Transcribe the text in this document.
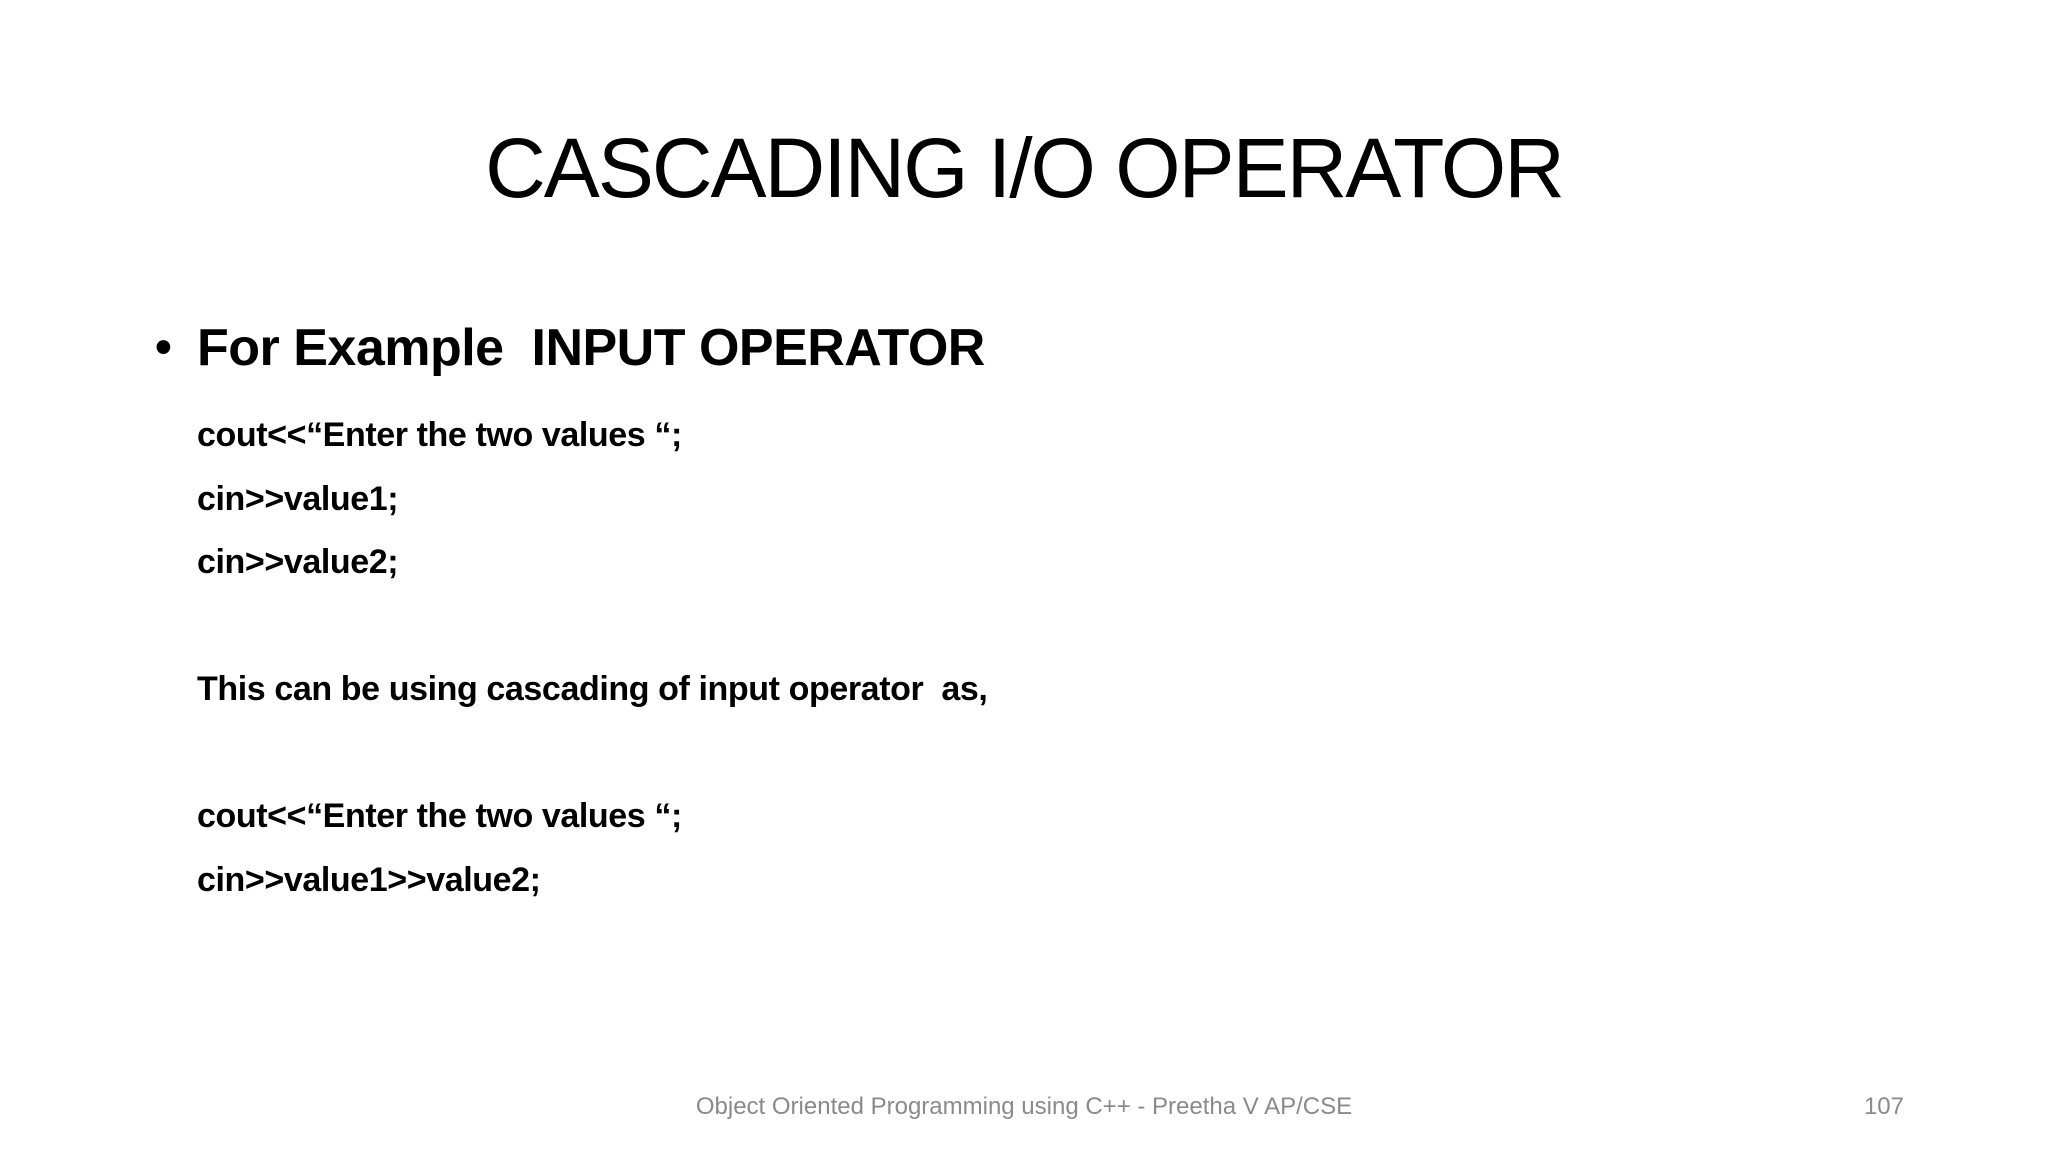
CASCADING I/O OPERATOR
• For Example  INPUT OPERATOR
cout<<“Enter the two values “;
cin>>value1;
cin>>value2;
This can be using cascading of input operator  as,
cout<<“Enter the two values “;
cin>>value1>>value2;
Object Oriented Programming using C++ - Preetha V AP/CSE	107
